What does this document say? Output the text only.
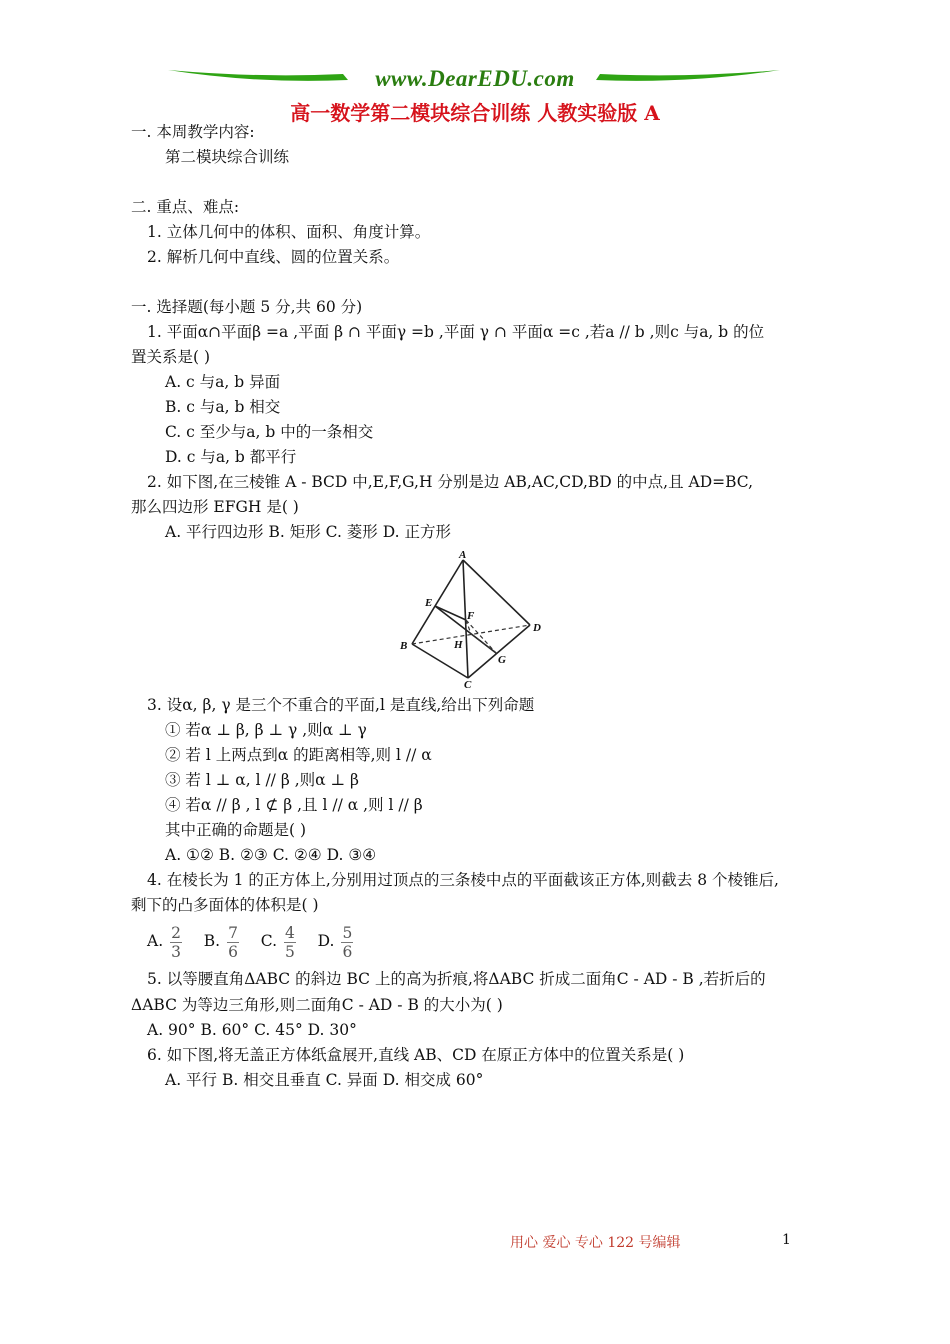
www.DearEDU.com
高一数学第二模块综合训练 人教实验版 A
一. 本周教学内容:
第二模块综合训练
二. 重点、难点:
1. 立体几何中的体积、面积、角度计算。
2. 解析几何中直线、圆的位置关系。
一. 选择题(每小题 5 分,共 60 分)
1. 平面α∩平面β =a ,平面 β ∩ 平面γ =b ,平面 γ ∩ 平面α =c ,若a // b ,则c 与a, b 的位
置关系是( )
A. c 与a, b 异面
B. c 与a, b 相交
C. c 至少与a, b 中的一条相交
D. c 与a, b 都平行
2. 如下图,在三棱锥 A - BCD 中,E,F,G,H 分别是边 AB,AC,CD,BD 的中点,且 AD=BC,
那么四边形 EFGH 是( )
A. 平行四边形 B. 矩形 C. 菱形 D. 正方形
A
B
C
D
E
F
G
H
3. 设α, β, γ 是三个不重合的平面,l 是直线,给出下列命题
① 若α ⊥ β, β ⊥ γ ,则α ⊥ γ
② 若 l 上两点到α 的距离相等,则 l // α
③ 若 l ⊥ α, l // β ,则α ⊥ β
④ 若α // β , l ⊄ β ,且 l // α ,则 l // β
其中正确的命题是( )
A. ①② B. ②③ C. ②④ D. ③④
4. 在棱长为 1 的正方体上,分别用过顶点的三条棱中点的平面截该正方体,则截去 8 个棱锥后,
剩下的凸多面体的体积是( )
A. $\frac{2}{3} B$. $\frac{7}{6} C$. $\frac{4}{5} D$. $\frac{5}{6}$
5. 以等腰直角ΔABC 的斜边 BC 上的高为折痕,将ΔABC 折成二面角C - AD - B ,若折后的
ΔABC 为等边三角形,则二面角C - AD - B 的大小为( )
A. 90° B. 60° C. 45° D. 30°
6. 如下图,将无盖正方体纸盒展开,直线 AB、CD 在原正方体中的位置关系是( )
A. 平行 B. 相交且垂直 C. 异面 D. 相交成 60°
用心 爱心 专心 122 号编辑	1
